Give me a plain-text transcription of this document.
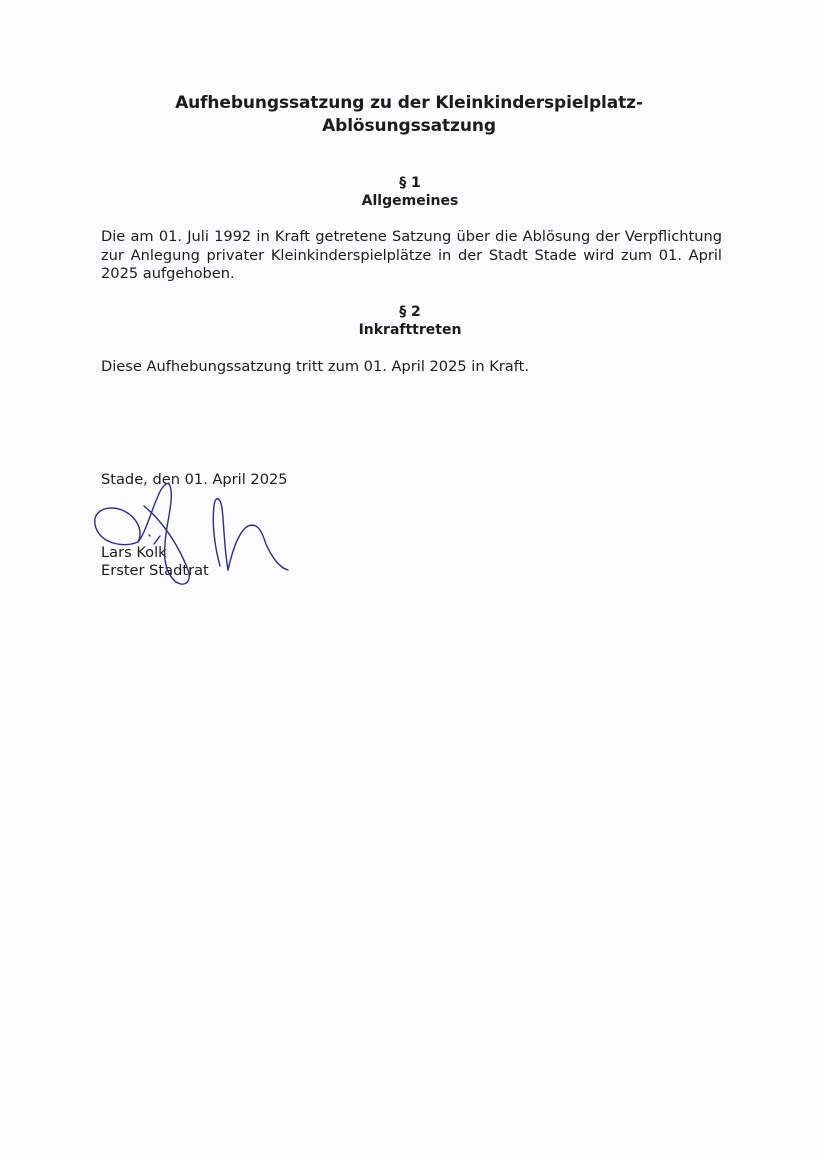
Aufhebungssatzung zu der Kleinkinderspielplatz-
Ablösungssatzung
§ 1
Allgemeines
Die am 01. Juli 1992 in Kraft getretene Satzung über die Ablösung der Verpflichtung zur Anlegung privater Kleinkinderspielplätze in der Stadt Stade wird zum 01. April 2025 aufgehoben.
§ 2
Inkrafttreten
Diese Aufhebungssatzung tritt zum 01. April 2025 in Kraft.
Stade, den 01. April 2025
Lars Kolk
Erster Stadtrat
